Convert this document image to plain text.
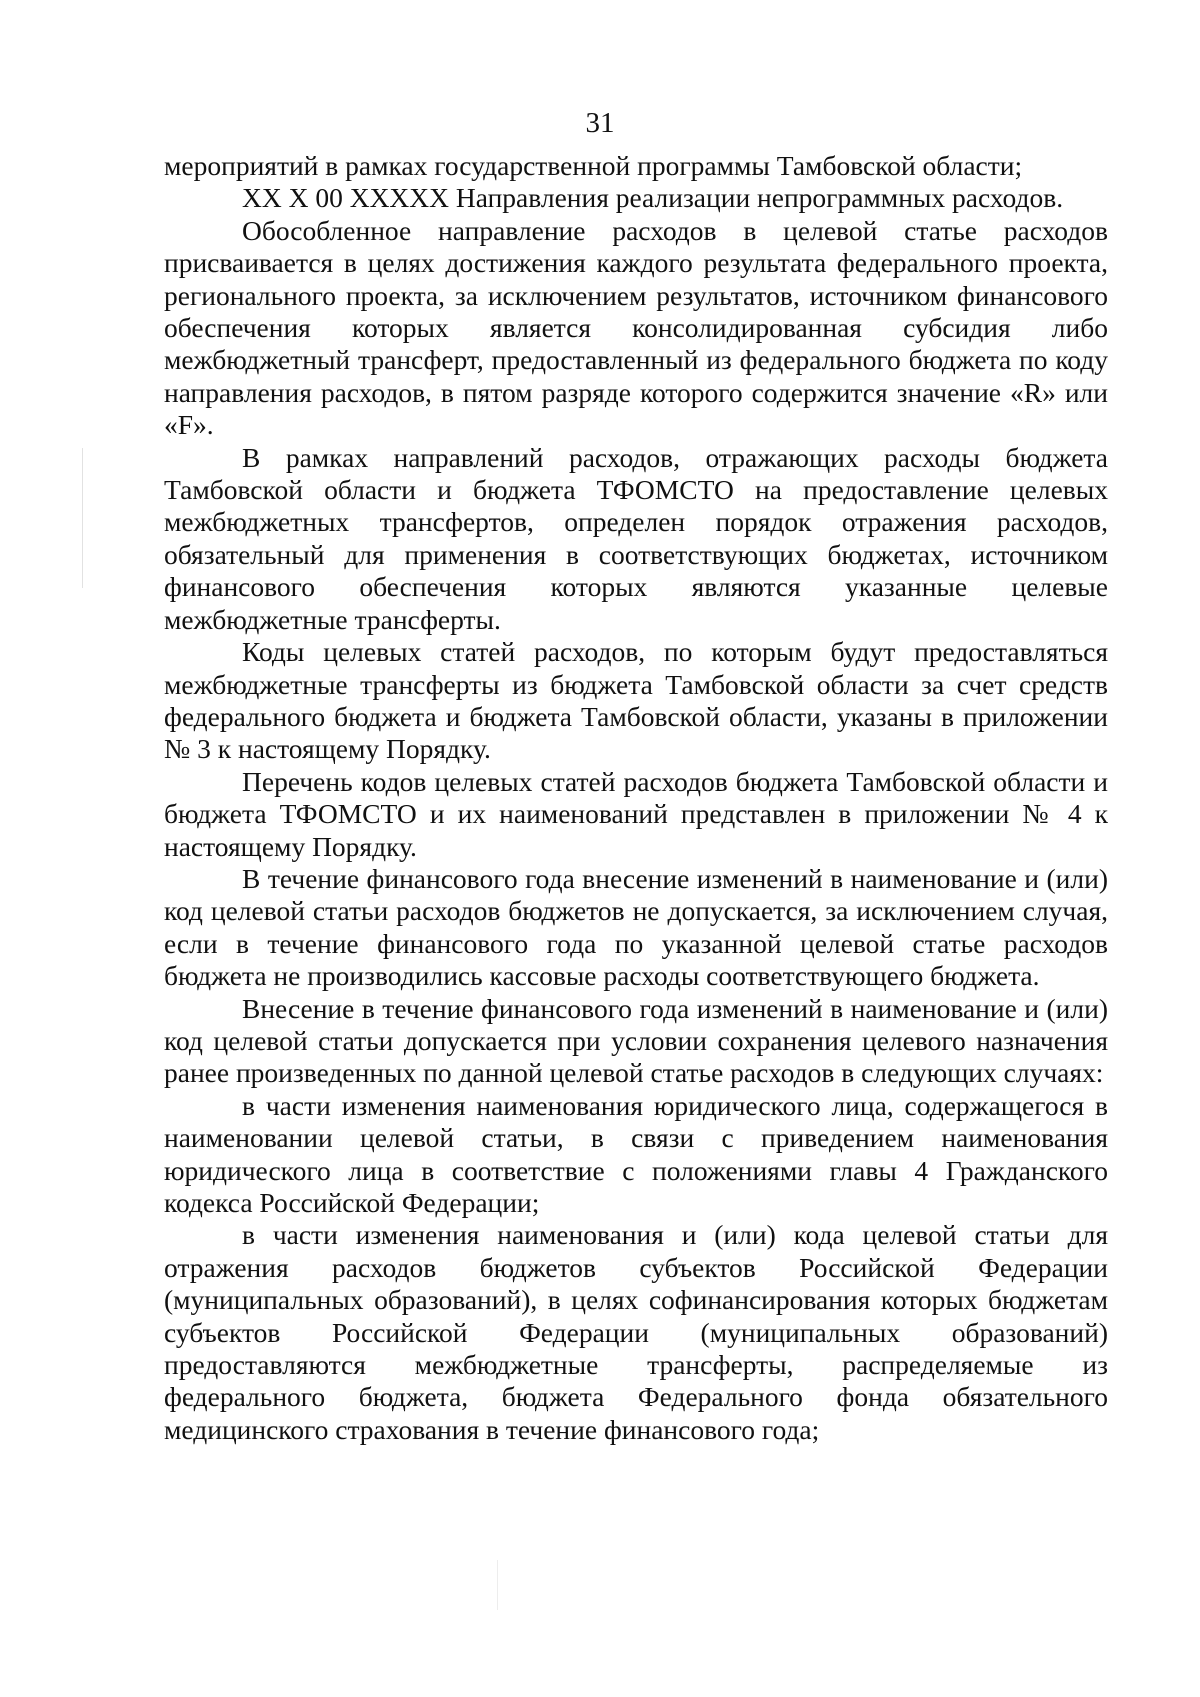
31

мероприятий в рамках государственной программы Тамбовской области;

XX X 00 XXXXX Направления реализации непрограммных расходов.

Обособленное направление расходов в целевой статье расходов присваивается в целях достижения каждого результата федерального проекта, регионального проекта, за исключением результатов, источником финансового обеспечения которых является консолидированная субсидия либо межбюджетный трансферт, предоставленный из федерального бюджета по коду направления расходов, в пятом разряде которого содержится значение «R» или «F».

В рамках направлений расходов, отражающих расходы бюджета Тамбовской области и бюджета ТФОМСТО на предоставление целевых межбюджетных трансфертов, определен порядок отражения расходов, обязательный для применения в соответствующих бюджетах, источником финансового обеспечения которых являются указанные целевые межбюджетные трансферты.

Коды целевых статей расходов, по которым будут предоставляться межбюджетные трансферты из бюджета Тамбовской области за счет средств федерального бюджета и бюджета Тамбовской области, указаны в приложении № 3 к настоящему Порядку.

Перечень кодов целевых статей расходов бюджета Тамбовской области и бюджета ТФОМСТО и их наименований представлен в приложении № 4 к настоящему Порядку.

В течение финансового года внесение изменений в наименование и (или) код целевой статьи расходов бюджетов не допускается, за исключением случая, если в течение финансового года по указанной целевой статье расходов бюджета не производились кассовые расходы соответствующего бюджета.

Внесение в течение финансового года изменений в наименование и (или) код целевой статьи допускается при условии сохранения целевого назначения ранее произведенных по данной целевой статье расходов в следующих случаях:

в части изменения наименования юридического лица, содержащегося в наименовании целевой статьи, в связи с приведением наименования юридического лица в соответствие с положениями главы 4 Гражданского кодекса Российской Федерации;

в части изменения наименования и (или) кода целевой статьи для отражения расходов бюджетов субъектов Российской Федерации (муниципальных образований), в целях софинансирования которых бюджетам субъектов Российской Федерации (муниципальных образований) предоставляются межбюджетные трансферты, распределяемые из федерального бюджета, бюджета Федерального фонда обязательного медицинского страхования в течение финансового года;
